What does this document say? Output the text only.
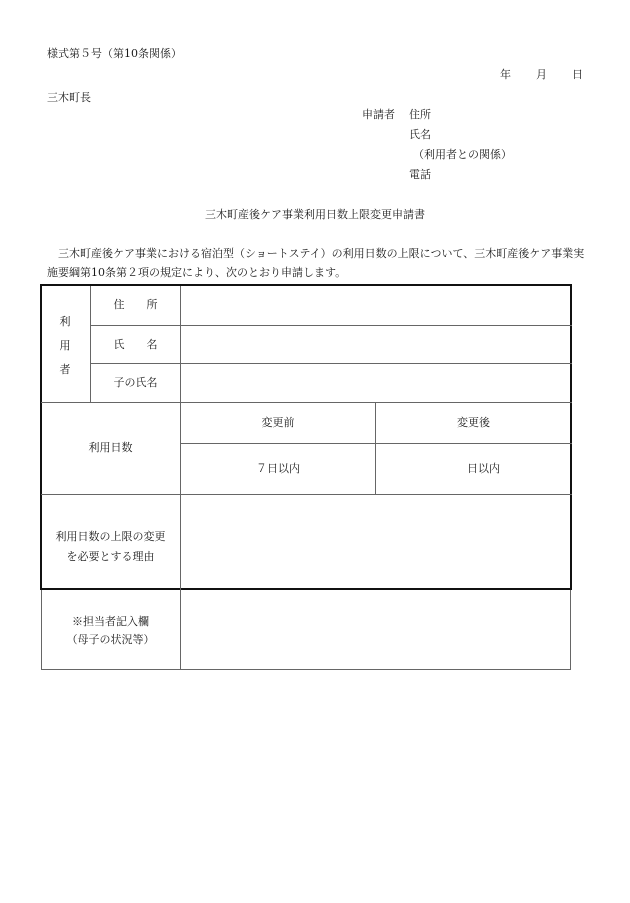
様式第５号（第10条関係）
年 月 日
三木町長
申請者 住所
氏名
（利用者との関係）
電話
三木町産後ケア事業利用日数上限変更申請書
三木町産後ケア事業における宿泊型（ショートステイ）の利用日数の上限について、三木町産後ケア事業実施要綱第10条第２項の規定により、次のとおり申請します。
利
用
者
住　　所
氏　　名
子の氏名
利用日数
変更前	変更後
７日以内	日以内
利用日数の上限の変更
を必要とする理由
※担当者記入欄
（母子の状況等）
